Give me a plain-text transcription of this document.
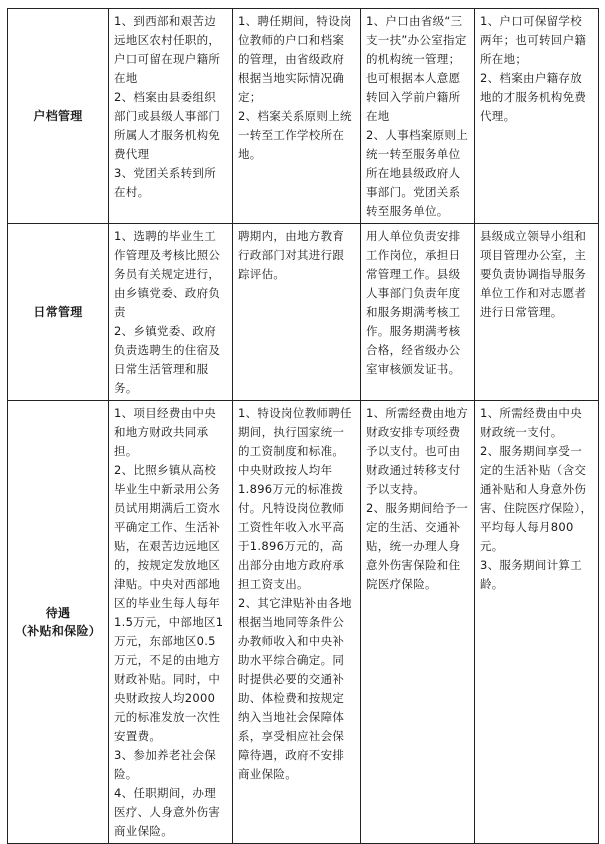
户档管理	1、到西部和艰苦边远地区农村任职的，户口可留在现户籍所在地
2、档案由县委组织部门或县级人事部门所属人才服务机构免费代理
3、党团关系转到所在村。	1、聘任期间，特设岗位教师的户口和档案的管理，由省级政府根据当地实际情况确定；
2、档案关系原则上统一转至工作学校所在地。	1、户口由省级“三支一扶”办公室指定的机构统一管理；也可根据本人意愿转回入学前户籍所在地
2、人事档案原则上统一转至服务单位所在地县级政府人事部门。党团关系转至服务单位。	1、户口可保留学校两年；也可转回户籍所在地；
2、档案由户籍存放地的才服务机构免费代理。

日常管理	1、选聘的毕业生工作管理及考核比照公务员有关规定进行，由乡镇党委、政府负责
2、乡镇党委、政府负责选聘生的住宿及日常生活管理和服务。	聘期内，由地方教育行政部门对其进行跟踪评估。	用人单位负责安排工作岗位，承担日常管理工作。县级人事部门负责年度和服务期满考核工作。服务期满考核合格，经省级办公室审核颁发证书。	县级成立领导小组和项目管理办公室，主要负责协调指导服务单位工作和对志愿者进行日常管理。

待遇
（补贴和保险）	1、项目经费由中央和地方财政共同承担。
2、比照乡镇从高校毕业生中新录用公务员试用期满后工资水平确定工作、生活补贴，在艰苦边远地区的，按规定发放地区津贴。中央对西部地区的毕业生每人每年1.5万元，中部地区1万元，东部地区0.5万元，不足的由地方财政补贴。同时，中央财政按人均2000元的标准发放一次性安置费。
3、参加养老社会保险。
4、任职期间，办理医疗、人身意外伤害商业保险。	1、特设岗位教师聘任期间，执行国家统一的工资制度和标准。中央财政按人均年1.896万元的标准拨付。凡特设岗位教师工资性年收入水平高于1.896万元的，高出部分由地方政府承担工资支出。
2、其它津贴补由各地根据当地同等条件公办教师收入和中央补助水平综合确定。同时提供必要的交通补助、体检费和按规定纳入当地社会保障体系，享受相应社会保障待遇，政府不安排商业保险。	1、所需经费由地方财政安排专项经费予以支付。也可由财政通过转移支付予以支持。
2、服务期间给予一定的生活、交通补贴，统一办理人身意外伤害保险和住院医疗保险。	1、所需经费由中央财政统一支付。
2、服务期间享受一定的生活补贴（含交通补贴和人身意外伤害、住院医疗保险），平均每人每月800元。
3、服务期间计算工龄。
